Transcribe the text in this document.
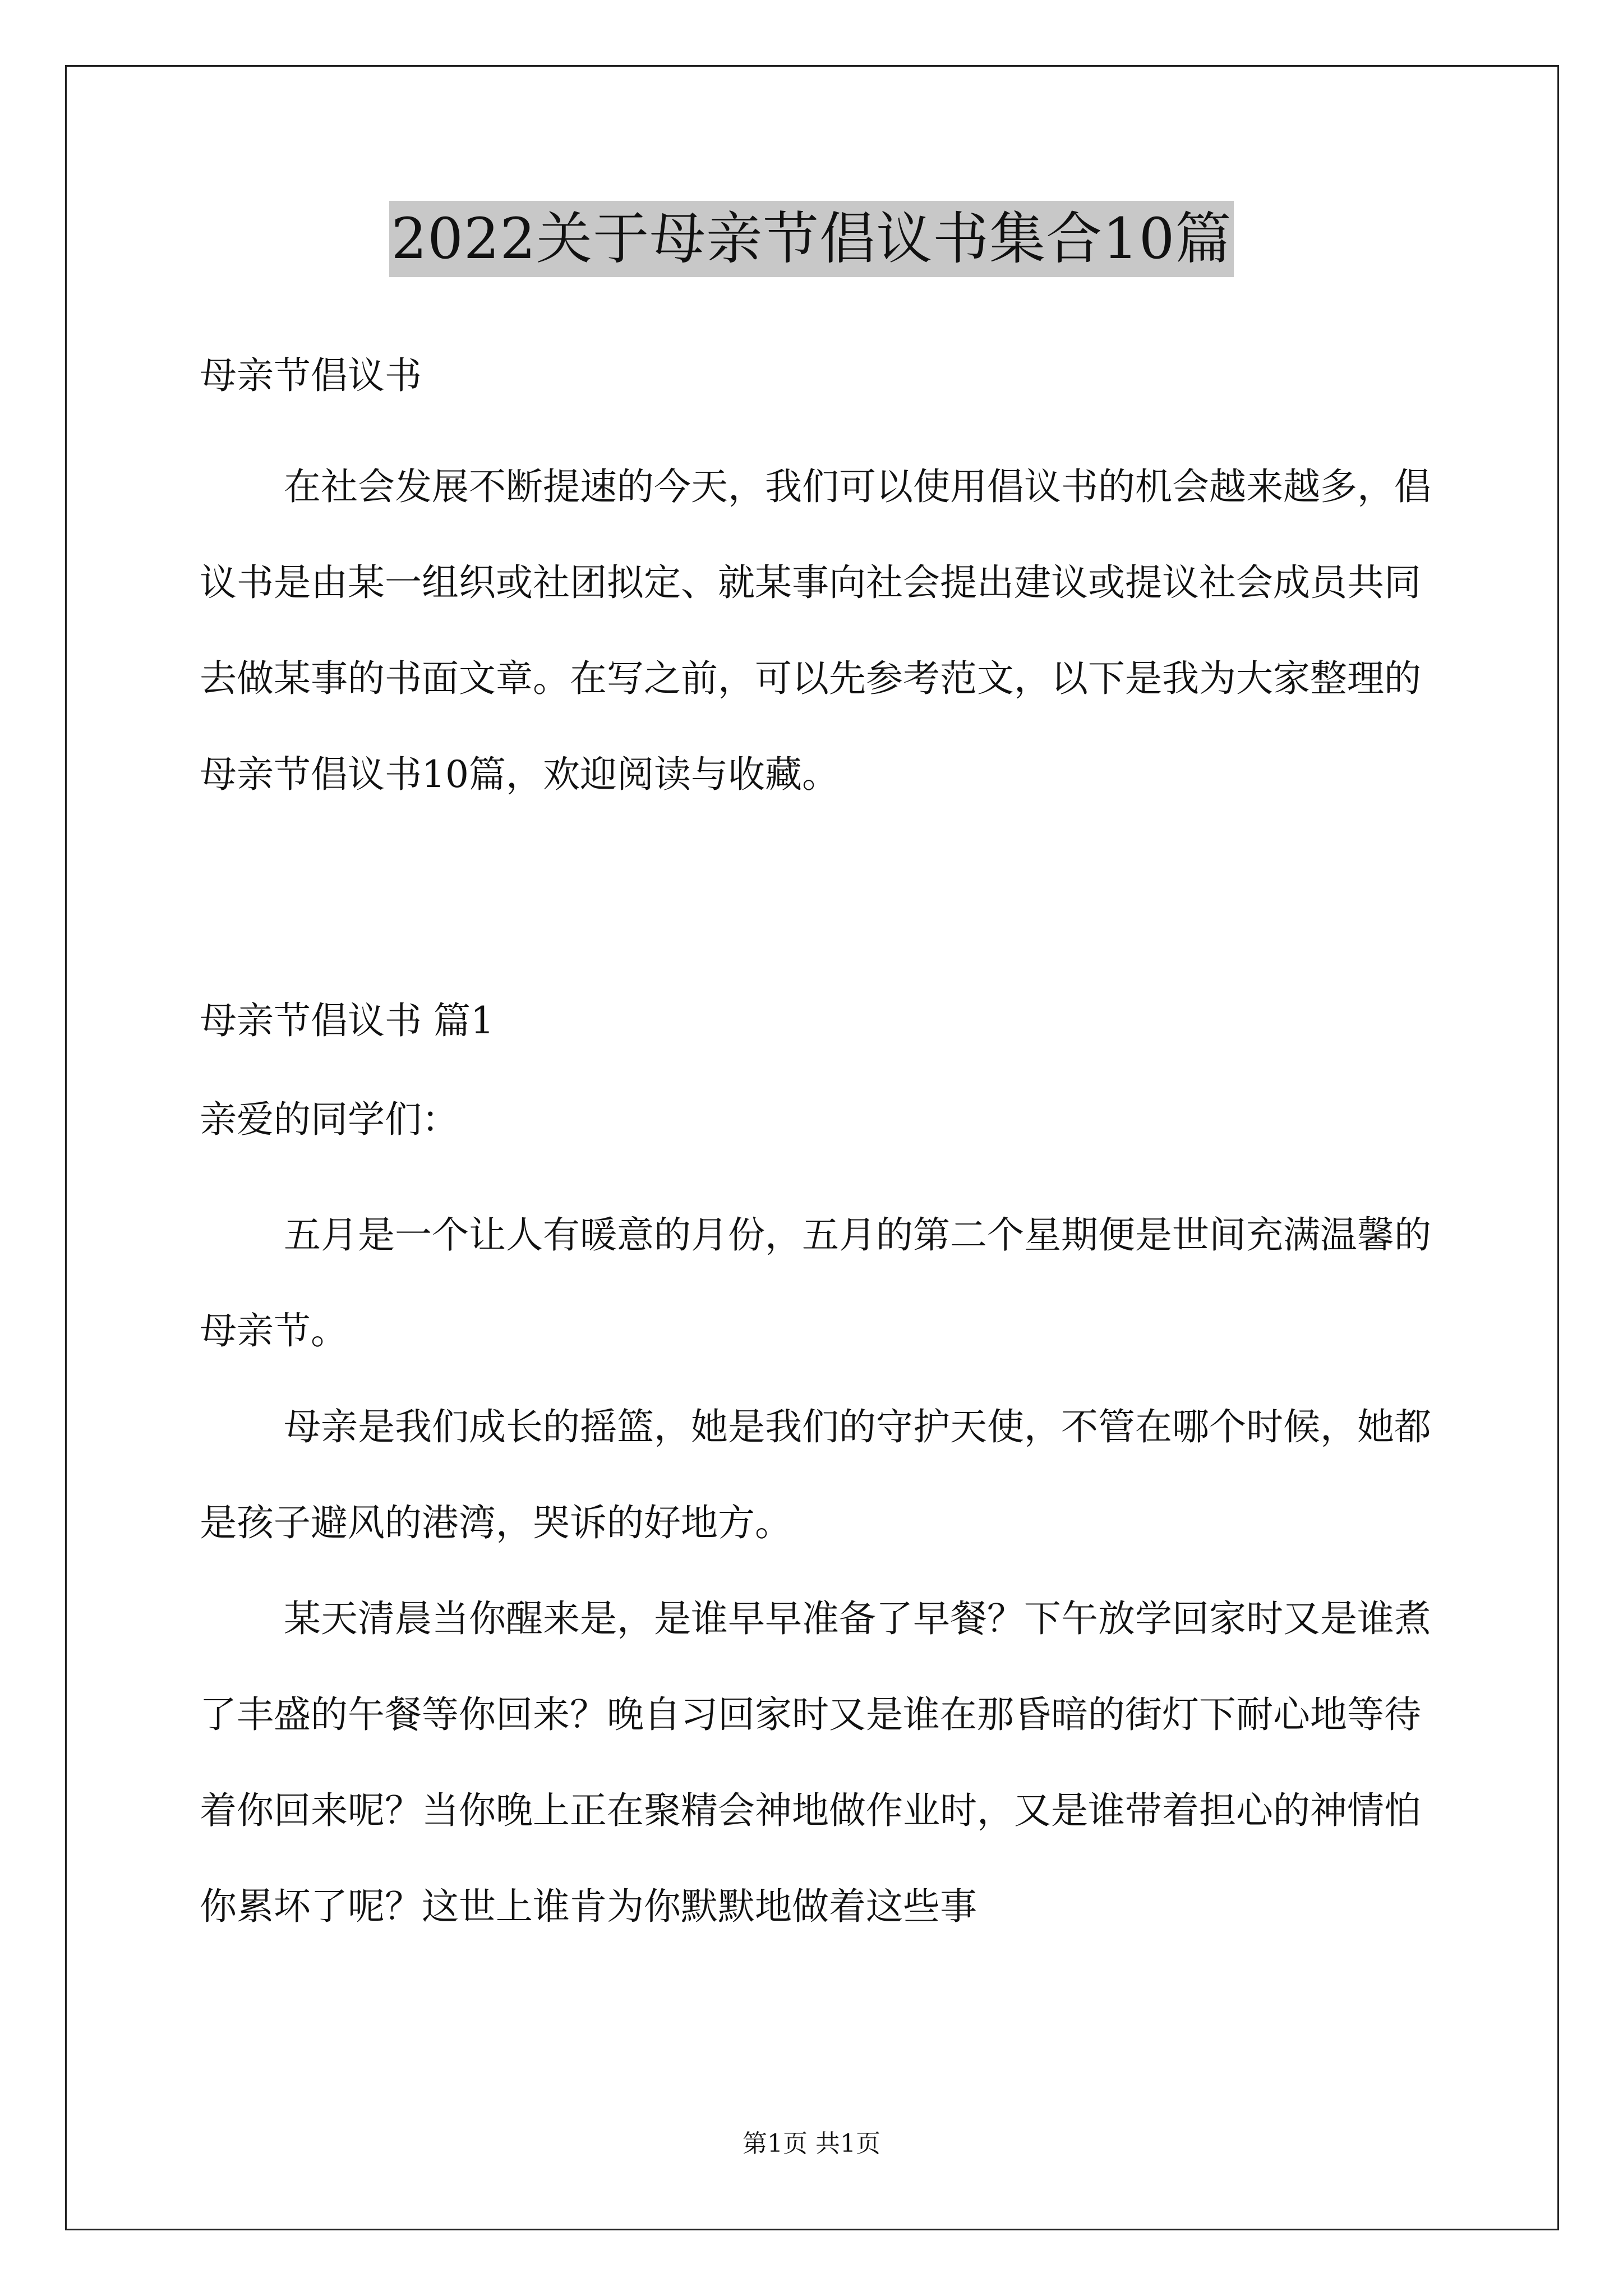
2022关于母亲节倡议书集合10篇

母亲节倡议书

在社会发展不断提速的今天，我们可以使用倡议书的机会越来越多，倡议书是由某一组织或社团拟定、就某事向社会提出建议或提议社会成员共同去做某事的书面文章。在写之前，可以先参考范文，以下是我为大家整理的母亲节倡议书10篇，欢迎阅读与收藏。

母亲节倡议书 篇1

亲爱的同学们：

五月是一个让人有暖意的月份，五月的第二个星期便是世间充满温馨的母亲节。

母亲是我们成长的摇篮，她是我们的守护天使，不管在哪个时候，她都是孩子避风的港湾，哭诉的好地方。

某天清晨当你醒来是，是谁早早准备了早餐？下午放学回家时又是谁煮了丰盛的午餐等你回来？晚自习回家时又是谁在那昏暗的街灯下耐心地等待着你回来呢？当你晚上正在聚精会神地做作业时，又是谁带着担心的神情怕你累坏了呢？这世上谁肯为你默默地做着这些事

第1页 共1页
